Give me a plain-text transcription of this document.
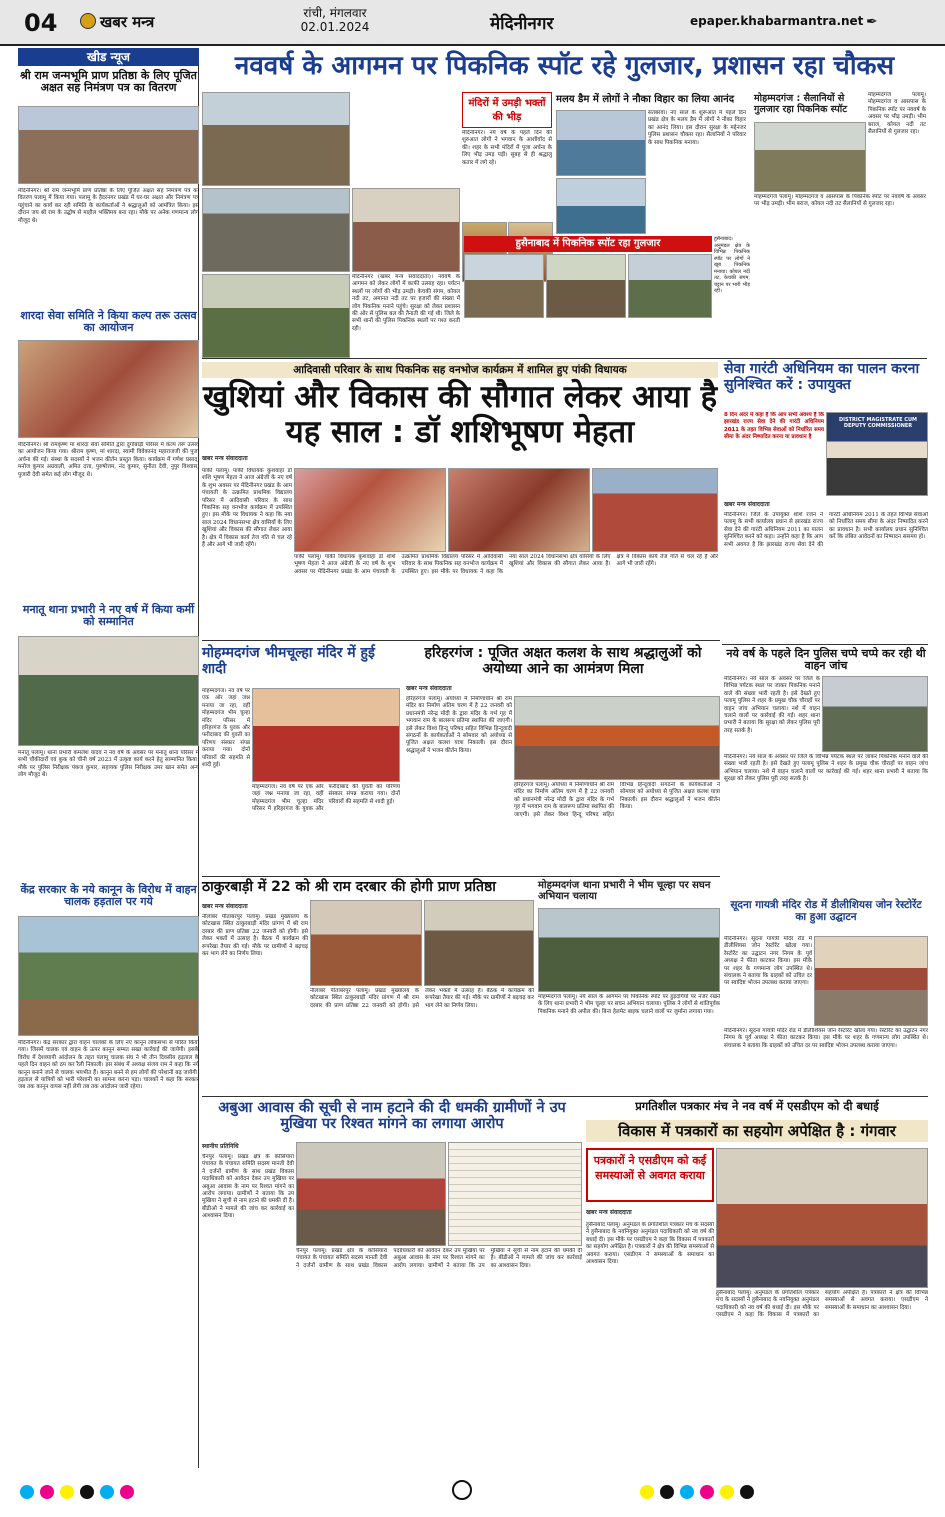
04	खबर मन्त्र	रांची, मंगलवार
02.01.2024	मेदिनीनगर	epaper.khabarmantra.net ✒
खीड न्यूज
श्री राम जन्मभूमि प्राण प्रतिष्ठा के लिए पूजित अक्षत सह निमंत्रण पत्र का वितरण
मेदिनीनगर। श्री राम जन्मभूमि प्राण प्रतिष्ठा के लिए पूजित अक्षत सह निमंत्रण पत्र का वितरण पलामू में किया गया। पलामू के हैदरनगर प्रखंड में घर-घर अक्षत और निमंत्रण पत्र पहुंचाने का कार्य कर रही समिति के कार्यकर्ताओं ने श्रद्धालुओं को आमंत्रित किया। इस दौरान जय श्री राम के उद्घोष से माहौल भक्तिमय बना रहा। मौके पर अनेक गणमान्य लोग मौजूद थे।
शारदा सेवा समिति ने किया कल्प तरू उत्सव का आयोजन
मेदिनीनगर। श्री रामकृष्ण मां शारदा सेवा समिति द्वारा दुर्गाबाड़ी परिसर में कल्प तरू उत्सव का आयोजन किया गया। श्रीराम कृष्ण, मां शारदा, स्वामी विवेकानंद महाराजजी की पूजा अर्चना की गई। संस्था के सदस्यों ने भजन कीर्तन प्रस्तुत किया। कार्यक्रम में गणेश प्रसाद, मनोज कुमार अग्रवाली, अमित दत्ता, पुरुषोत्तम, नंद कुमार, सुनीता देवी, नुपुर विश्वास, पुजारी देवी समेत कई लोग मौजूद थे।
मनातू थाना प्रभारी ने नए वर्ष में किया कर्मी को सम्मानित
मनातू पलामू। थाना प्रभारी कमलेश यादव ने नव वर्ष के अवसर पर मनातू थाना परिसर में सभी चौकीदारों एवं कुक को चीनी वर्ष 2023 में उत्कृष्ट कार्य करने हेतु साम्मानित किया। मौके पर पुलिस निरीक्षक पंकज कुमार, सहायक पुलिस निरीक्षक उमर खान समेत अन्य लोग मौजूद थे।
केंद्र सरकार के नये कानून के विरोध में वाहन चालक हड़ताल पर गये
मेदिनीनगर। केंद्र सरकार द्वारा वाहन चालकों के लिए नए कानून लोकसभा से पारित किया गया। जिसमें चालक एवं वाहन के ऊपर कानून सम्मत सख्त कार्रवाई की जायेगी। इसके विरोध में देशव्यापी आंदोलन के तहत पलामू चालक संघ ने भी तीन दिवसीय हड़ताल के पहले दिन वाहन को ठप कर रैली निकाली। इस संबंध में अध्यक्ष संजय राम ने कहा कि नये कानून बनाने जाने से चालक भयभीत हैं। कानून बनने से हम लोगों की परेशानी बढ़ जायेगी। हड़ताल से यात्रियों को भारी परेशानी का सामना करना पड़ा। चालकों ने कहा कि सरकार जब तक कानून वापस नहीं लेगी तब तक आंदोलन जारी रहेगा।
नववर्ष के आगमन पर पिकनिक स्पॉट रहे गुलजार, प्रशासन रहा चौकस
मेदिनीनगर (खबर मन्त्र संवाददाता)। नववर्ष के आगमन को लेकर लोगों में काफी उत्साह रहा। पर्यटन स्थलों पर लोगों की भीड़ उमड़ी। केचकी संगम, कोयल नदी तट, अमानत नदी तट पर हजारों की संख्या में लोग पिकनिक मनाने पहुंचे। सुरक्षा को लेकर प्रशासन की ओर से पुलिस बल की तैनाती की गई थी। जिले के सभी थानों की पुलिस पिकनिक स्थलों पर गश्त करती रही।
मंदिरों में उमड़ी भक्तों की भीड़
मेदिनीनगर। नये वर्ष के पहले दिन की शुरुआत लोगों ने भगवान के आशीर्वाद से की। शहर के सभी मंदिरों में पूजा अर्चना के लिए भीड़ उमड़ पड़ी। सुबह से ही श्रद्धालु कतार में लगे रहे।
मलय डैम में लोगों ने नौका विहार का लिया आनंद
सतबरवा। नए साल के शुरूआत में पहले दिन प्रखंड क्षेत्र के मलय डैम में लोगों ने नौका विहार का आनंद लिया। इस दौरान सुरक्षा के मद्देनजर पुलिस प्रशासन चौकस रहा। सैलानियों ने परिवार के साथ पिकनिक मनाया।
हुसैनाबाद में पिकनिक स्पॉट रहा गुलजार	हुसैनाबाद। अनुमंडल क्षेत्र के विभिन्न पिकनिक स्पॉट पर लोगों ने खूब पिकनिक मनाया। कोयल नदी तट, केचकी संगम, चट्टान पर भारी भीड़ रही।
मोहम्मदगंज : सैलानियों से गुलजार रहा पिकनिक स्पॉट
मोहम्मदगंज पलामू। मोहम्मदगंज व आसपास के पिकनिक स्पॉट पर नववर्ष के अवसर पर भीड़ उमड़ी। भीम बराज, कोयल नदी तट सैलानियों से गुलजार रहा।
मोहम्मदगंज पलामू। मोहम्मदगंज व आसपास के पिकनिक स्पॉट पर नववर्ष के अवसर पर भीड़ उमड़ी। भीम बराज, कोयल नदी तट सैलानियों से गुलजार रहा।
आदिवासी परिवार के साथ पिकनिक सह वनभोज कार्यक्रम में शामिल हुए पांकी विधायक
खुशियां और विकास की सौगात लेकर आया है यह साल : डॉ शशिभूषण मेहता
खबर मन्त्र संवाददाता
पांकी पलामू। पांकी विधायक कुशवाहा डॉ शशि भूषण मेहता ने आज अंग्रेजी के नए वर्ष के शुभ अवसर पर मेदिनीनगर प्रखंड के आम पंचायती के उत्क्रमित प्राथमिक विद्यालय परिसर में आदिवासी परिवार के साथ पिकनिक सह वनभोज कार्यक्रम में उपस्थित हुए। इस मौके पर विधायक ने कहा कि नया साल 2024 विधानसभा क्षेत्र वासियों के लिए खुशियां और विकास की सौगात लेकर आया है। क्षेत्र में विकास कार्य तेज गति से चल रहे हैं और आगे भी जारी रहेंगे।
पांकी पलामू। पांकी विधायक कुशवाहा डॉ शशि भूषण मेहता ने आज अंग्रेजी के नए वर्ष के शुभ अवसर पर मेदिनीनगर प्रखंड के आम पंचायती के उत्क्रमित प्राथमिक विद्यालय परिसर में आदिवासी परिवार के साथ पिकनिक सह वनभोज कार्यक्रम में उपस्थित हुए। इस मौके पर विधायक ने कहा कि नया साल 2024 विधानसभा क्षेत्र वासियों के लिए खुशियां और विकास की सौगात लेकर आया है। क्षेत्र में विकास कार्य तेज गति से चल रहे हैं और आगे भी जारी रहेंगे।
सेवा गारंटी अधिनियम का पालन करना सुनिश्चित करें : उपायुक्त
8 दिन अंदर में कहा है कि आप सभी अवश्य है कि झारखंड राज्य सेवा देने की गारंटी अधिनियम 2011 के तहत विभिन्न सेवाओं को निर्धारित समय सीमा के अंदर निष्पादित करना या प्रावधान है
DISTRICT MAGISTRATE CUM DEPUTY COMMISSIONER
खबर मन्त्र संवाददाता
मेदिनीनगर। जिले के उपायुक्त शशि रंजन ने पलामू के सभी कार्यालय प्रधान से झारखंड राज्य सेवा देने की गारंटी अधिनियम 2011 का पालन सुनिश्चित करने को कहा। उन्होंने कहा है कि आप सभी अवगत है कि झारखंड राज्य सेवा देने की गारंटी अधिनियम 2011 के तहत विभिन्न सेवाओं को निर्धारित समय सीमा के अंदर निष्पादित करने का प्रावधान है। सभी कार्यालय प्रधान सुनिश्चित करें कि लंबित आवेदनों का निष्पादन ससमय हो।
नये वर्ष के पहले दिन पुलिस चप्पे चप्पे कर रही थी वाहन जांच
मेदिनीनगर। नये साल के अवसर पर जिले के विभिन्न पर्यटक स्थल पर जाकर पिकनिक मनाने वाले की संख्या भारी रहती है। इसे देखते हुए पलामू पुलिस ने शहर के प्रमुख चौक चौराहों पर वाहन जांच अभियान चलाया। नशे में वाहन चलाने वालों पर कार्रवाई की गई। शहर थाना प्रभारी ने बताया कि सुरक्षा को लेकर पुलिस पूरी तरह सतर्क है।
मेदिनीनगर। नये साल के अवसर पर जिले के विभिन्न पर्यटक स्थल पर जाकर पिकनिक मनाने वाले की संख्या भारी रहती है। इसे देखते हुए पलामू पुलिस ने शहर के प्रमुख चौक चौराहों पर वाहन जांच अभियान चलाया। नशे में वाहन चलाने वालों पर कार्रवाई की गई। शहर थाना प्रभारी ने बताया कि सुरक्षा को लेकर पुलिस पूरी तरह सतर्क है।
मोहम्मदगंज भीमचूल्हा मंदिर में हुई शादी
मोहम्मदगंज। नव वर्ष पर एक ओर जहां जश्न मनाया जा रहा, वहीं मोहम्मदगंज भीम चूल्हा मंदिर परिसर में हरिहरगंज के युवक और फरीदाबाद की युवती का परिणय संस्कार संपन्न कराया गया। दोनों परिवारों की सहमति से शादी हुई।
मोहम्मदगंज। नव वर्ष पर एक ओर जहां जश्न मनाया जा रहा, वहीं मोहम्मदगंज भीम चूल्हा मंदिर परिसर में हरिहरगंज के युवक और फरीदाबाद की युवती का परिणय संस्कार संपन्न कराया गया। दोनों परिवारों की सहमति से शादी हुई।
हरिहरगंज : पूजित अक्षत कलश के साथ श्रद्धालुओं को अयोध्या आने का आमंत्रण मिला
खबर मन्त्र संवाददाता
हरिहरगंज पलामू। अयोध्या में निर्माणाधीन श्री राम मंदिर का निर्माण अंतिम चरण में है 22 जनवरी को प्रधानमंत्री नरेन्द्र मोदी के द्वारा मंदिर के गर्भ गृह में भगवान राम के बालरूप प्रतिमा स्थापित की जाएगी। इसे लेकर विश्व हिन्दू परिषद सहित विभिन्न हिन्दूवादी संगठनों के कार्यकर्ताओं ने सोमवार को अयोध्या से पूजित अक्षत कलश यात्रा निकाली। इस दौरान श्रद्धालुओं ने भजन कीर्तन किया।
हरिहरगंज पलामू। अयोध्या में निर्माणाधीन श्री राम मंदिर का निर्माण अंतिम चरण में है 22 जनवरी को प्रधानमंत्री नरेन्द्र मोदी के द्वारा मंदिर के गर्भ गृह में भगवान राम के बालरूप प्रतिमा स्थापित की जाएगी। इसे लेकर विश्व हिन्दू परिषद सहित विभिन्न हिन्दूवादी संगठनों के कार्यकर्ताओं ने सोमवार को अयोध्या से पूजित अक्षत कलश यात्रा निकाली। इस दौरान श्रद्धालुओं ने भजन कीर्तन किया।
ठाकुरबाड़ी में 22 को श्री राम दरबार की होगी प्राण प्रतिष्ठा
खबर मन्त्र संवाददाता
नीलांबर पीतांबरपुर पलामू। प्रखंड मुख्यालय के कोटखास स्थित ठाकुरबाड़ी मंदिर प्रांगण में श्री राम दरबार की प्राण प्रतिष्ठा 22 जनवरी को होगी। इसे लेकर भक्तों में उत्साह है। बैठक में कार्यक्रम की रूपरेखा तैयार की गई। मौके पर ग्रामीणों ने बढ़चढ़ कर भाग लेने का निर्णय लिया।
नीलांबर पीतांबरपुर पलामू। प्रखंड मुख्यालय के कोटखास स्थित ठाकुरबाड़ी मंदिर प्रांगण में श्री राम दरबार की प्राण प्रतिष्ठा 22 जनवरी को होगी। इसे लेकर भक्तों में उत्साह है। बैठक में कार्यक्रम की रूपरेखा तैयार की गई। मौके पर ग्रामीणों ने बढ़चढ़ कर भाग लेने का निर्णय लिया।
मोहम्मदगंज थाना प्रभारी ने भीम चूल्हा पर सघन अभियान चलाया
मोहम्मदगंज पलामू। नये साल के आगमन पर पिकनिक स्पॉट पर हुड़दंगियों पर नजर रखने के लिए थाना प्रभारी ने भीम चूल्हा पर सघन अभियान चलाया। पुलिस ने लोगों से शांतिपूर्वक पिकनिक मनाने की अपील की। बिना हेलमेट बाइक चलाने वालों पर जुर्माना लगाया गया।
सूदना गायत्री मंदिर रोड में डीलीशियस जोन रेस्टोरेंट का हुआ उद्घाटन
मेदिनीनगर। सूदना गायत्री मंदिर रोड में डीलीशियस जोन रेस्टोरेंट खोला गया। रेस्टोरेंट का उद्घाटन नगर निगम के पूर्व अध्यक्ष ने फीता काटकर किया। इस मौके पर शहर के गणमान्य लोग उपस्थित थे। संचालक ने बताया कि ग्राहकों को उचित दर पर स्वादिष्ट भोजन उपलब्ध कराया जाएगा।
मेदिनीनगर। सूदना गायत्री मंदिर रोड में डीलीशियस जोन रेस्टोरेंट खोला गया। रेस्टोरेंट का उद्घाटन नगर निगम के पूर्व अध्यक्ष ने फीता काटकर किया। इस मौके पर शहर के गणमान्य लोग उपस्थित थे। संचालक ने बताया कि ग्राहकों को उचित दर पर स्वादिष्ट भोजन उपलब्ध कराया जाएगा।
अबुआ आवास की सूची से नाम हटाने की दी धमकी ग्रामीणों ने उप मुखिया पर रिश्वत मांगने का लगाया आरोप
स्थानीय प्रतिनिधि
चैनपुर पलामू। प्रखंड क्षेत्र के कोसियारा पंचायत के पंचायत समिति सदस्य मानती देवी ने दर्जनों ग्रामीण के साथ प्रखंड विकास पदाधिकारी को आवेदन देकर उप मुखिया पर अबुआ आवास के नाम पर रिश्वत मांगने का आरोप लगाया। ग्रामीणों ने बताया कि उप मुखिया ने सूची से नाम हटाने की धमकी दी है। बीडीओ ने मामले की जांच कर कार्रवाई का आश्वासन दिया।
चैनपुर पलामू। प्रखंड क्षेत्र के कोसियारा पंचायत के पंचायत समिति सदस्य मानती देवी ने दर्जनों ग्रामीण के साथ प्रखंड विकास पदाधिकारी को आवेदन देकर उप मुखिया पर अबुआ आवास के नाम पर रिश्वत मांगने का आरोप लगाया। ग्रामीणों ने बताया कि उप मुखिया ने सूची से नाम हटाने की धमकी दी है। बीडीओ ने मामले की जांच कर कार्रवाई का आश्वासन दिया।
प्रगतिशील पत्रकार मंच ने नव वर्ष में एसडीएम को दी बधाई
विकास में पत्रकारों का सहयोग अपेक्षित है : गंगवार
पत्रकारों ने एसडीएम को कई समस्याओं से अवगत कराया
खबर मन्त्र संवाददाता
हुसैनाबाद पलामू। अनुमंडल के प्रगतिशील पत्रकार मंच के सदस्यों ने हुसैनाबाद के नवनियुक्त अनुमंडल पदाधिकारी को नव वर्ष की बधाई दी। इस मौके पर एसडीएम ने कहा कि विकास में पत्रकारों का सहयोग अपेक्षित है। पत्रकारों ने क्षेत्र की विभिन्न समस्याओं से अवगत कराया। एसडीएम ने समस्याओं के समाधान का आश्वासन दिया।
हुसैनाबाद पलामू। अनुमंडल के प्रगतिशील पत्रकार मंच के सदस्यों ने हुसैनाबाद के नवनियुक्त अनुमंडल पदाधिकारी को नव वर्ष की बधाई दी। इस मौके पर एसडीएम ने कहा कि विकास में पत्रकारों का सहयोग अपेक्षित है। पत्रकारों ने क्षेत्र की विभिन्न समस्याओं से अवगत कराया। एसडीएम ने समस्याओं के समाधान का आश्वासन दिया।
